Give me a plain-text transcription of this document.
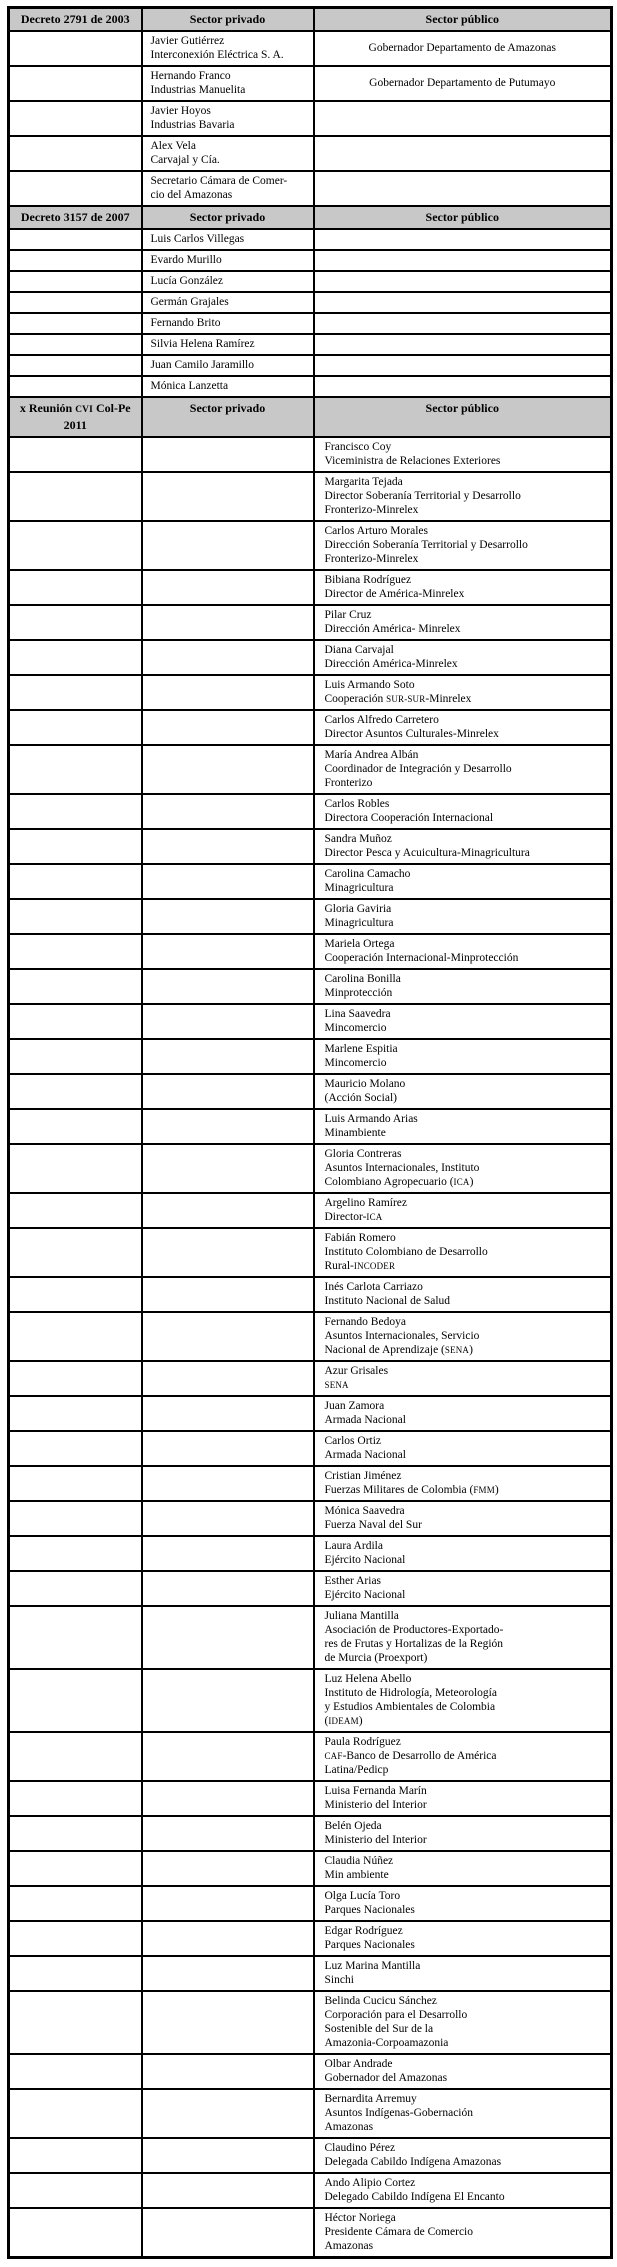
Decreto 2791 de 2003	Sector privado	Sector público

	Javier Gutiérrez
Interconexión Eléctrica S. A.	Gobernador Departamento de Amazonas

	Hernando Franco
Industrias Manuelita	Gobernador Departamento de Putumayo

	Javier Hoyos
Industrias Bavaria	

	Alex Vela
Carvajal y Cía.	

	Secretario Cámara de Comer-
cio del Amazonas	

Decreto 3157 de 2007	Sector privado	Sector público

	Luis Carlos Villegas	

	Evardo Murillo	

	Lucía González	

	Germán Grajales	

	Fernando Brito	

	Silvia Helena Ramírez	

	Juan Camilo Jaramillo	

	Mónica Lanzetta	

x Reunión CVI Col-Pe 2011	Sector privado	Sector público

		Francisco Coy
Viceministra de Relaciones Exteriores

		Margarita Tejada
Director Soberanía Territorial y Desarrollo
Fronterizo-Minrelex

		Carlos Arturo Morales
Dirección Soberanía Territorial y Desarrollo
Fronterizo-Minrelex

		Bibiana Rodríguez
Director de América-Minrelex

		Pilar Cruz
Dirección América- Minrelex

		Diana Carvajal
Dirección América-Minrelex

		Luis Armando Soto
Cooperación SUR-SUR-Minrelex

		Carlos Alfredo Carretero
Director Asuntos Culturales-Minrelex

		María Andrea Albán
Coordinador de Integración y Desarrollo
Fronterizo

		Carlos Robles
Directora Cooperación Internacional

		Sandra Muñoz
Director Pesca y Acuicultura-Minagricultura

		Carolina Camacho
Minagricultura

		Gloria Gaviria
Minagricultura

		Mariela Ortega
Cooperación Internacional-Minprotección

		Carolina Bonilla
Minprotección

		Lina Saavedra
Mincomercio

		Marlene Espitia
Mincomercio

		Mauricio Molano
(Acción Social)

		Luis Armando Arias
Minambiente

		Gloria Contreras
Asuntos Internacionales, Instituto
Colombiano Agropecuario (ICA)

		Argelino Ramírez
Director-ICA

		Fabián Romero
Instituto Colombiano de Desarrollo
Rural-INCODER

		Inés Carlota Carriazo
Instituto Nacional de Salud

		Fernando Bedoya
Asuntos Internacionales, Servicio
Nacional de Aprendizaje (SENA)

		Azur Grisales
SENA

		Juan Zamora
Armada Nacional

		Carlos Ortiz
Armada Nacional

		Cristian Jiménez
Fuerzas Militares de Colombia (FMM)

		Mónica Saavedra
Fuerza Naval del Sur

		Laura Ardila
Ejército Nacional

		Esther Arias
Ejército Nacional

		Juliana Mantilla
Asociación de Productores-Exportado-
res de Frutas y Hortalizas de la Región
de Murcia (Proexport)

		Luz Helena Abello
Instituto de Hidrología, Meteorología
y Estudios Ambientales de Colombia
(IDEAM)

		Paula Rodríguez
CAF-Banco de Desarrollo de América
Latina/Pedicp

		Luisa Fernanda Marín
Ministerio del Interior

		Belén Ojeda
Ministerio del Interior

		Claudia Núñez
Min ambiente

		Olga Lucía Toro
Parques Nacionales

		Edgar Rodríguez
Parques Nacionales

		Luz Marina Mantilla
Sinchi

		Belinda Cucicu Sánchez
Corporación para el Desarrollo
Sostenible del Sur de la
Amazonia-Corpoamazonia

		Olbar Andrade
Gobernador del Amazonas

		Bernardita Arremuy
Asuntos Indígenas-Gobernación
Amazonas

		Claudino Pérez
Delegada Cabildo Indígena Amazonas

		Ando Alipio Cortez
Delegado Cabildo Indígena El Encanto

		Héctor Noriega
Presidente Cámara de Comercio
Amazonas
